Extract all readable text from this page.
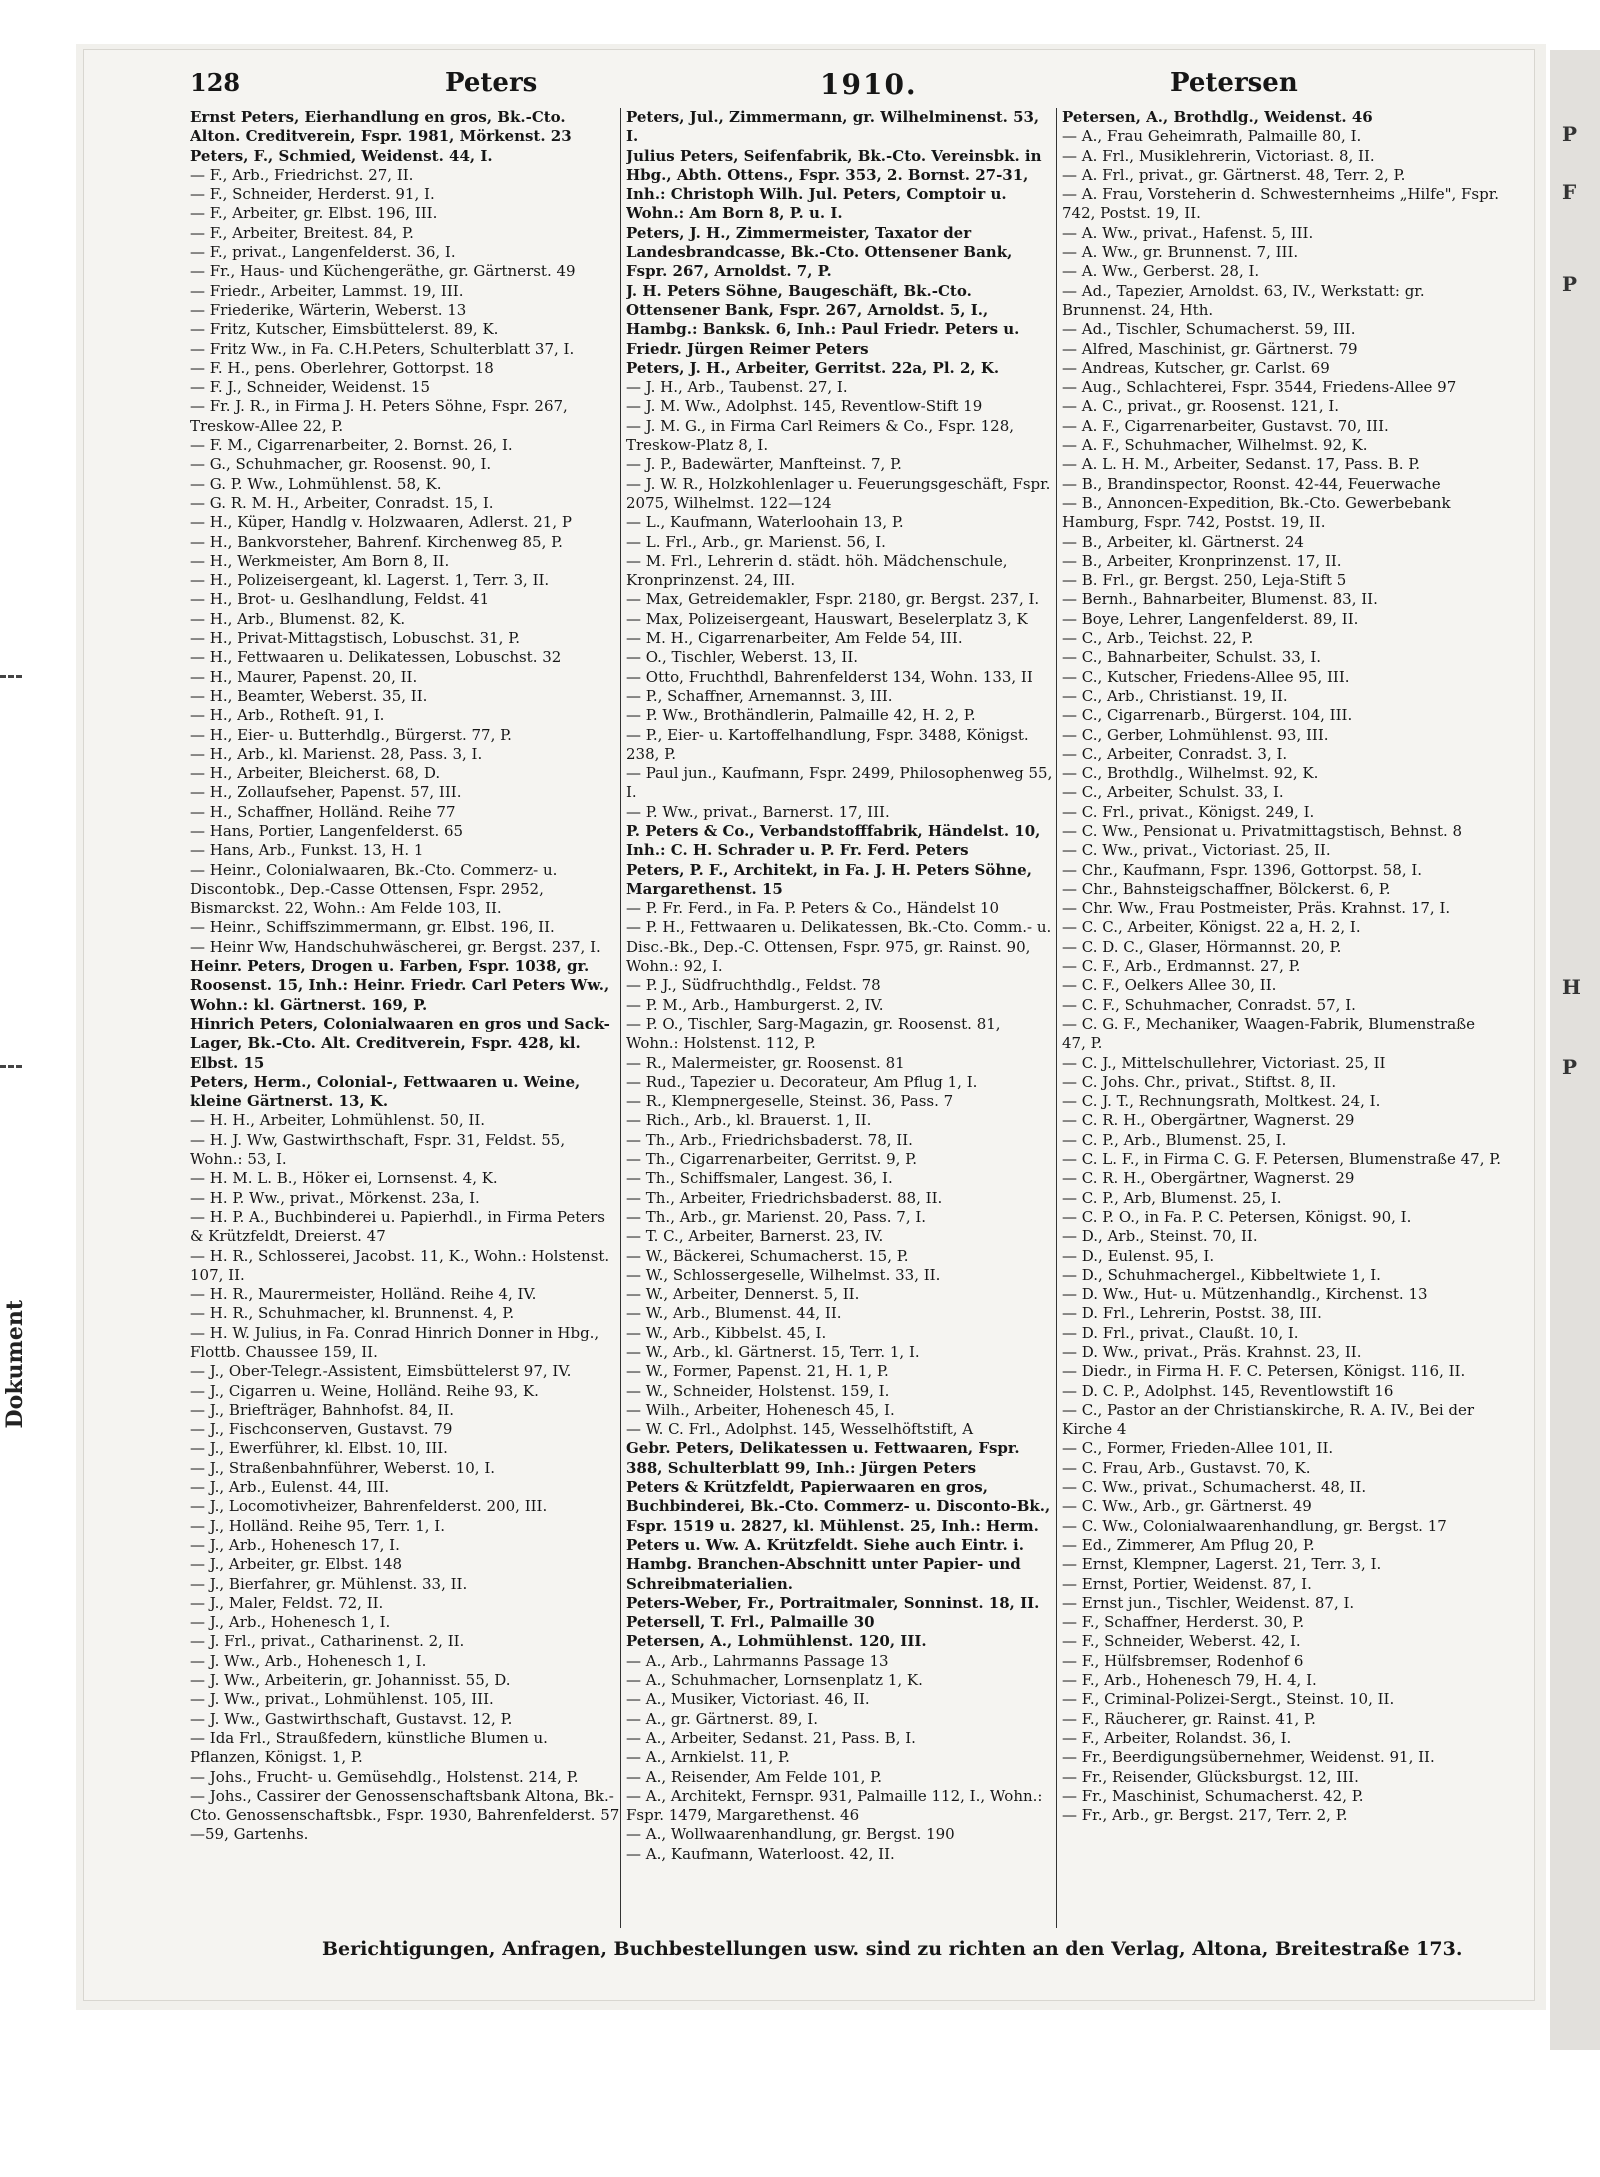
P
F
P
H
P
Dokument
128	Peters	1910.	Petersen
Ernst Peters, Eierhandlung en gros, Bk.-Cto. Alton. Creditverein, Fspr. 1981, Mörkenst. 23
Peters, F., Schmied, Weidenst. 44, I.
— F., Arb., Friedrichst. 27, II.
— F., Schneider, Herderst. 91, I.
— F., Arbeiter, gr. Elbst. 196, III.
— F., Arbeiter, Breitest. 84, P.
— F., privat., Langenfelderst. 36, I.
— Fr., Haus- und Küchengeräthe, gr. Gärtnerst. 49
— Friedr., Arbeiter, Lammst. 19, III.
— Friederike, Wärterin, Weberst. 13
— Fritz, Kutscher, Eimsbüttelerst. 89, K.
— Fritz Ww., in Fa. C.H.Peters, Schulterblatt 37, I.
— F. H., pens. Oberlehrer, Gottorpst. 18
— F. J., Schneider, Weidenst. 15
— Fr. J. R., in Firma J. H. Peters Söhne, Fspr. 267, Treskow-Allee 22, P.
— F. M., Cigarrenarbeiter, 2. Bornst. 26, I.
— G., Schuhmacher, gr. Roosenst. 90, I.
— G. P. Ww., Lohmühlenst. 58, K.
— G. R. M. H., Arbeiter, Conradst. 15, I.
— H., Küper, Handlg v. Holzwaaren, Adlerst. 21, P
— H., Bankvorsteher, Bahrenf. Kirchenweg 85, P.
— H., Werkmeister, Am Born 8, II.
— H., Polizeisergeant, kl. Lagerst. 1, Terr. 3, II.
— H., Brot- u. Geslhandlung, Feldst. 41
— H., Arb., Blumenst. 82, K.
— H., Privat-Mittagstisch, Lobuschst. 31, P.
— H., Fettwaaren u. Delikatessen, Lobuschst. 32
— H., Maurer, Papenst. 20, II.
— H., Beamter, Weberst. 35, II.
— H., Arb., Rotheſt. 91, I.
— H., Eier- u. Butterhdlg., Bürgerst. 77, P.
— H., Arb., kl. Marienst. 28, Pass. 3, I.
— H., Arbeiter, Bleicherst. 68, D.
— H., Zollaufseher, Papenst. 57, III.
— H., Schaffner, Holländ. Reihe 77
— Hans, Portier, Langenfelderst. 65
— Hans, Arb., Funkst. 13, H. 1
— Heinr., Colonialwaaren, Bk.-Cto. Commerz- u. Discontobk., Dep.-Casse Ottensen, Fspr. 2952, Bismarckst. 22, Wohn.: Am Felde 103, II.
— Heinr., Schiffszimmermann, gr. Elbst. 196, II.
— Heinr Ww, Handschuhwäscherei, gr. Bergst. 237, I.
Heinr. Peters, Drogen u. Farben, Fspr. 1038, gr. Roosenst. 15, Inh.: Heinr. Friedr. Carl Peters Ww., Wohn.: kl. Gärtnerst. 169, P.
Hinrich Peters, Colonialwaaren en gros und Sack-Lager, Bk.-Cto. Alt. Creditverein, Fspr. 428, kl. Elbst. 15
Peters, Herm., Colonial-, Fettwaaren u. Weine, kleine Gärtnerst. 13, K.
— H. H., Arbeiter, Lohmühlenst. 50, II.
— H. J. Ww, Gastwirthschaft, Fspr. 31, Feldst. 55, Wohn.: 53, I.
— H. M. L. B., Höker ei, Lornsenst. 4, K.
— H. P. Ww., privat., Mörkenst. 23a, I.
— H. P. A., Buchbinderei u. Papierhdl., in Firma Peters & Krützfeldt, Dreierst. 47
— H. R., Schlosserei, Jacobst. 11, K., Wohn.: Holstenst. 107, II.
— H. R., Maurermeister, Holländ. Reihe 4, IV.
— H. R., Schuhmacher, kl. Brunnenst. 4, P.
— H. W. Julius, in Fa. Conrad Hinrich Donner in Hbg., Flottb. Chaussee 159, II.
— J., Ober-Telegr.-Assistent, Eimsbüttelerst 97, IV.
— J., Cigarren u. Weine, Holländ. Reihe 93, K.
— J., Briefträger, Bahnhofst. 84, II.
— J., Fischconserven, Gustavst. 79
— J., Ewerführer, kl. Elbst. 10, III.
— J., Straßenbahnführer, Weberst. 10, I.
— J., Arb., Eulenst. 44, III.
— J., Locomotivheizer, Bahrenfelderst. 200, III.
— J., Holländ. Reihe 95, Terr. 1, I.
— J., Arb., Hohenesch 17, I.
— J., Arbeiter, gr. Elbst. 148
— J., Bierfahrer, gr. Mühlenst. 33, II.
— J., Maler, Feldst. 72, II.
— J., Arb., Hohenesch 1, I.
— J. Frl., privat., Catharinenst. 2, II.
— J. Ww., Arb., Hohenesch 1, I.
— J. Ww., Arbeiterin, gr. Johannisst. 55, D.
— J. Ww., privat., Lohmühlenst. 105, III.
— J. Ww., Gastwirthschaft, Gustavst. 12, P.
— Ida Frl., Straußfedern, künstliche Blumen u. Pflanzen, Königst. 1, P.
— Johs., Frucht- u. Gemüsehdlg., Holstenst. 214, P.
— Johs., Cassirer der Genossenschaftsbank Altona, Bk.-Cto. Genossenschaftsbk., Fspr. 1930, Bahrenfelderst. 57—59, Gartenhs.
Peters, Jul., Zimmermann, gr. Wilhelminenst. 53, I.
Julius Peters, Seifenfabrik, Bk.-Cto. Vereinsbk. in Hbg., Abth. Ottens., Fspr. 353, 2. Bornst. 27-31, Inh.: Christoph Wilh. Jul. Peters, Comptoir u. Wohn.: Am Born 8, P. u. I.
Peters, J. H., Zimmermeister, Taxator der Landesbrandcasse, Bk.-Cto. Ottensener Bank, Fspr. 267, Arnoldst. 7, P.
J. H. Peters Söhne, Baugeschäft, Bk.-Cto. Ottensener Bank, Fspr. 267, Arnoldst. 5, I., Hambg.: Banksk. 6, Inh.: Paul Friedr. Peters u. Friedr. Jürgen Reimer Peters
Peters, J. H., Arbeiter, Gerritst. 22a, Pl. 2, K.
— J. H., Arb., Taubenst. 27, I.
— J. M. Ww., Adolphst. 145, Reventlow-Stift 19
— J. M. G., in Firma Carl Reimers & Co., Fspr. 128, Treskow-Platz 8, I.
— J. P., Badewärter, Manfteinst. 7, P.
— J. W. R., Holzkohlenlager u. Feuerungsgeschäft, Fspr. 2075, Wilhelmst. 122—124
— L., Kaufmann, Waterloohain 13, P.
— L. Frl., Arb., gr. Marienst. 56, I.
— M. Frl., Lehrerin d. städt. höh. Mädchenschule, Kronprinzenst. 24, III.
— Max, Getreidemakler, Fspr. 2180, gr. Bergst. 237, I.
— Max, Polizeisergeant, Hauswart, Beselerplatz 3, K
— M. H., Cigarrenarbeiter, Am Felde 54, III.
— O., Tischler, Weberst. 13, II.
— Otto, Fruchthdl, Bahrenfelderst 134, Wohn. 133, II
— P., Schaffner, Arnemannst. 3, III.
— P. Ww., Brothändlerin, Palmaille 42, H. 2, P.
— P., Eier- u. Kartoffelhandlung, Fspr. 3488, Königst. 238, P.
— Paul jun., Kaufmann, Fspr. 2499, Philosophenweg 55, I.
— P. Ww., privat., Barnerst. 17, III.
P. Peters & Co., Verbandstofffabrik, Händelst. 10, Inh.: C. H. Schrader u. P. Fr. Ferd. Peters
Peters, P. F., Architekt, in Fa. J. H. Peters Söhne, Margarethenst. 15
— P. Fr. Ferd., in Fa. P. Peters & Co., Händelst 10
— P. H., Fettwaaren u. Delikatessen, Bk.-Cto. Comm.- u. Disc.-Bk., Dep.-C. Ottensen, Fspr. 975, gr. Rainst. 90, Wohn.: 92, I.
— P. J., Südfruchthdlg., Feldst. 78
— P. M., Arb., Hamburgerst. 2, IV.
— P. O., Tischler, Sarg-Magazin, gr. Roosenst. 81, Wohn.: Holstenst. 112, P.
— R., Malermeister, gr. Roosenst. 81
— Rud., Tapezier u. Decorateur, Am Pflug 1, I.
— R., Klempnergeselle, Steinst. 36, Pass. 7
— Rich., Arb., kl. Brauerst. 1, II.
— Th., Arb., Friedrichsbaderst. 78, II.
— Th., Cigarrenarbeiter, Gerritst. 9, P.
— Th., Schiffsmaler, Langest. 36, I.
— Th., Arbeiter, Friedrichsbaderst. 88, II.
— Th., Arb., gr. Marienst. 20, Pass. 7, I.
— T. C., Arbeiter, Barnerst. 23, IV.
— W., Bäckerei, Schumacherst. 15, P.
— W., Schlossergeselle, Wilhelmst. 33, II.
— W., Arbeiter, Dennerst. 5, II.
— W., Arb., Blumenst. 44, II.
— W., Arb., Kibbelst. 45, I.
— W., Arb., kl. Gärtnerst. 15, Terr. 1, I.
— W., Former, Papenst. 21, H. 1, P.
— W., Schneider, Holstenst. 159, I.
— Wilh., Arbeiter, Hohenesch 45, I.
— W. C. Frl., Adolphst. 145, Wesselhöftstift, A
Gebr. Peters, Delikatessen u. Fettwaaren, Fspr. 388, Schulterblatt 99, Inh.: Jürgen Peters
Peters & Krützfeldt, Papierwaaren en gros, Buchbinderei, Bk.-Cto. Commerz- u. Disconto-Bk., Fspr. 1519 u. 2827, kl. Mühlenst. 25, Inh.: Herm. Peters u. Ww. A. Krützfeldt. Siehe auch Eintr. i. Hambg. Branchen-Abschnitt unter Papier- und Schreibmaterialien.
Peters-Weber, Fr., Portraitmaler, Sonninst. 18, II.
Petersell, T. Frl., Palmaille 30
Petersen, A., Lohmühlenst. 120, III.
— A., Arb., Lahrmanns Passage 13
— A., Schuhmacher, Lornsenplatz 1, K.
— A., Musiker, Victoriast. 46, II.
— A., gr. Gärtnerst. 89, I.
— A., Arbeiter, Sedanst. 21, Pass. B, I.
— A., Arnkielst. 11, P.
— A., Reisender, Am Felde 101, P.
— A., Architekt, Fernspr. 931, Palmaille 112, I., Wohn.: Fspr. 1479, Margarethenst. 46
— A., Wollwaarenhandlung, gr. Bergst. 190
— A., Kaufmann, Waterloost. 42, II.
Petersen, A., Brothdlg., Weidenst. 46
— A., Frau Geheimrath, Palmaille 80, I.
— A. Frl., Musiklehrerin, Victoriast. 8, II.
— A. Frl., privat., gr. Gärtnerst. 48, Terr. 2, P.
— A. Frau, Vorsteherin d. Schwesternheims „Hilfe", Fspr. 742, Postst. 19, II.
— A. Ww., privat., Hafenst. 5, III.
— A. Ww., gr. Brunnenst. 7, III.
— A. Ww., Gerberst. 28, I.
— Ad., Tapezier, Arnoldst. 63, IV., Werkstatt: gr. Brunnenst. 24, Hth.
— Ad., Tischler, Schumacherst. 59, III.
— Alfred, Maschinist, gr. Gärtnerst. 79
— Andreas, Kutscher, gr. Carlst. 69
— Aug., Schlachterei, Fspr. 3544, Friedens-Allee 97
— A. C., privat., gr. Roosenst. 121, I.
— A. F., Cigarrenarbeiter, Gustavst. 70, III.
— A. F., Schuhmacher, Wilhelmst. 92, K.
— A. L. H. M., Arbeiter, Sedanst. 17, Pass. B. P.
— B., Brandinspector, Roonst. 42-44, Feuerwache
— B., Annoncen-Expedition, Bk.-Cto. Gewerbebank Hamburg, Fspr. 742, Postst. 19, II.
— B., Arbeiter, kl. Gärtnerst. 24
— B., Arbeiter, Kronprinzenst. 17, II.
— B. Frl., gr. Bergst. 250, Leja-Stift 5
— Bernh., Bahnarbeiter, Blumenst. 83, II.
— Boye, Lehrer, Langenfelderst. 89, II.
— C., Arb., Teichst. 22, P.
— C., Bahnarbeiter, Schulst. 33, I.
— C., Kutscher, Friedens-Allee 95, III.
— C., Arb., Christianst. 19, II.
— C., Cigarrenarb., Bürgerst. 104, III.
— C., Gerber, Lohmühlenst. 93, III.
— C., Arbeiter, Conradst. 3, I.
— C., Brothdlg., Wilhelmst. 92, K.
— C., Arbeiter, Schulst. 33, I.
— C. Frl., privat., Königst. 249, I.
— C. Ww., Pensionat u. Privatmittagstisch, Behnst. 8
— C. Ww., privat., Victoriast. 25, II.
— Chr., Kaufmann, Fspr. 1396, Gottorpst. 58, I.
— Chr., Bahnsteigschaffner, Bölckerst. 6, P.
— Chr. Ww., Frau Postmeister, Präs. Krahnst. 17, I.
— C. C., Arbeiter, Königst. 22 a, H. 2, I.
— C. D. C., Glaser, Hörmannst. 20, P.
— C. F., Arb., Erdmannst. 27, P.
— C. F., Oelkers Allee 30, II.
— C. F., Schuhmacher, Conradst. 57, I.
— C. G. F., Mechaniker, Waagen-Fabrik, Blumenstraße 47, P.
— C. J., Mittelschullehrer, Victoriast. 25, II
— C. Johs. Chr., privat., Stiftst. 8, II.
— C. J. T., Rechnungsrath, Moltkest. 24, I.
— C. R. H., Obergärtner, Wagnerst. 29
— C. P., Arb., Blumenst. 25, I.
— C. L. F., in Firma C. G. F. Petersen, Blumenstraße 47, P.
— C. R. H., Obergärtner, Wagnerst. 29
— C. P., Arb, Blumenst. 25, I.
— C. P. O., in Fa. P. C. Petersen, Königst. 90, I.
— D., Arb., Steinst. 70, II.
— D., Eulenst. 95, I.
— D., Schuhmachergel., Kibbeltwiete 1, I.
— D. Ww., Hut- u. Mützenhandlg., Kirchenst. 13
— D. Frl., Lehrerin, Postst. 38, III.
— D. Frl., privat., Claußt. 10, I.
— D. Ww., privat., Präs. Krahnst. 23, II.
— Diedr., in Firma H. F. C. Petersen, Königst. 116, II.
— D. C. P., Adolphst. 145, Reventlowstift 16
— C., Pastor an der Christianskirche, R. A. IV., Bei der Kirche 4
— C., Former, Frieden-Allee 101, II.
— C. Frau, Arb., Gustavst. 70, K.
— C. Ww., privat., Schumacherst. 48, II.
— C. Ww., Arb., gr. Gärtnerst. 49
— C. Ww., Colonialwaarenhandlung, gr. Bergst. 17
— Ed., Zimmerer, Am Pflug 20, P.
— Ernst, Klempner, Lagerst. 21, Terr. 3, I.
— Ernst, Portier, Weidenst. 87, I.
— Ernst jun., Tischler, Weidenst. 87, I.
— F., Schaffner, Herderst. 30, P.
— F., Schneider, Weberst. 42, I.
— F., Hülfsbremser, Rodenhof 6
— F., Arb., Hohenesch 79, H. 4, I.
— F., Criminal-Polizei-Sergt., Steinst. 10, II.
— F., Räucherer, gr. Rainst. 41, P.
— F., Arbeiter, Rolandst. 36, I.
— Fr., Beerdigungsübernehmer, Weidenst. 91, II.
— Fr., Reisender, Glücksburgst. 12, III.
— Fr., Maschinist, Schumacherst. 42, P.
— Fr., Arb., gr. Bergst. 217, Terr. 2, P.
Berichtigungen, Anfragen, Buchbestellungen usw. sind zu richten an den Verlag, Altona, Breitestraße 173.
